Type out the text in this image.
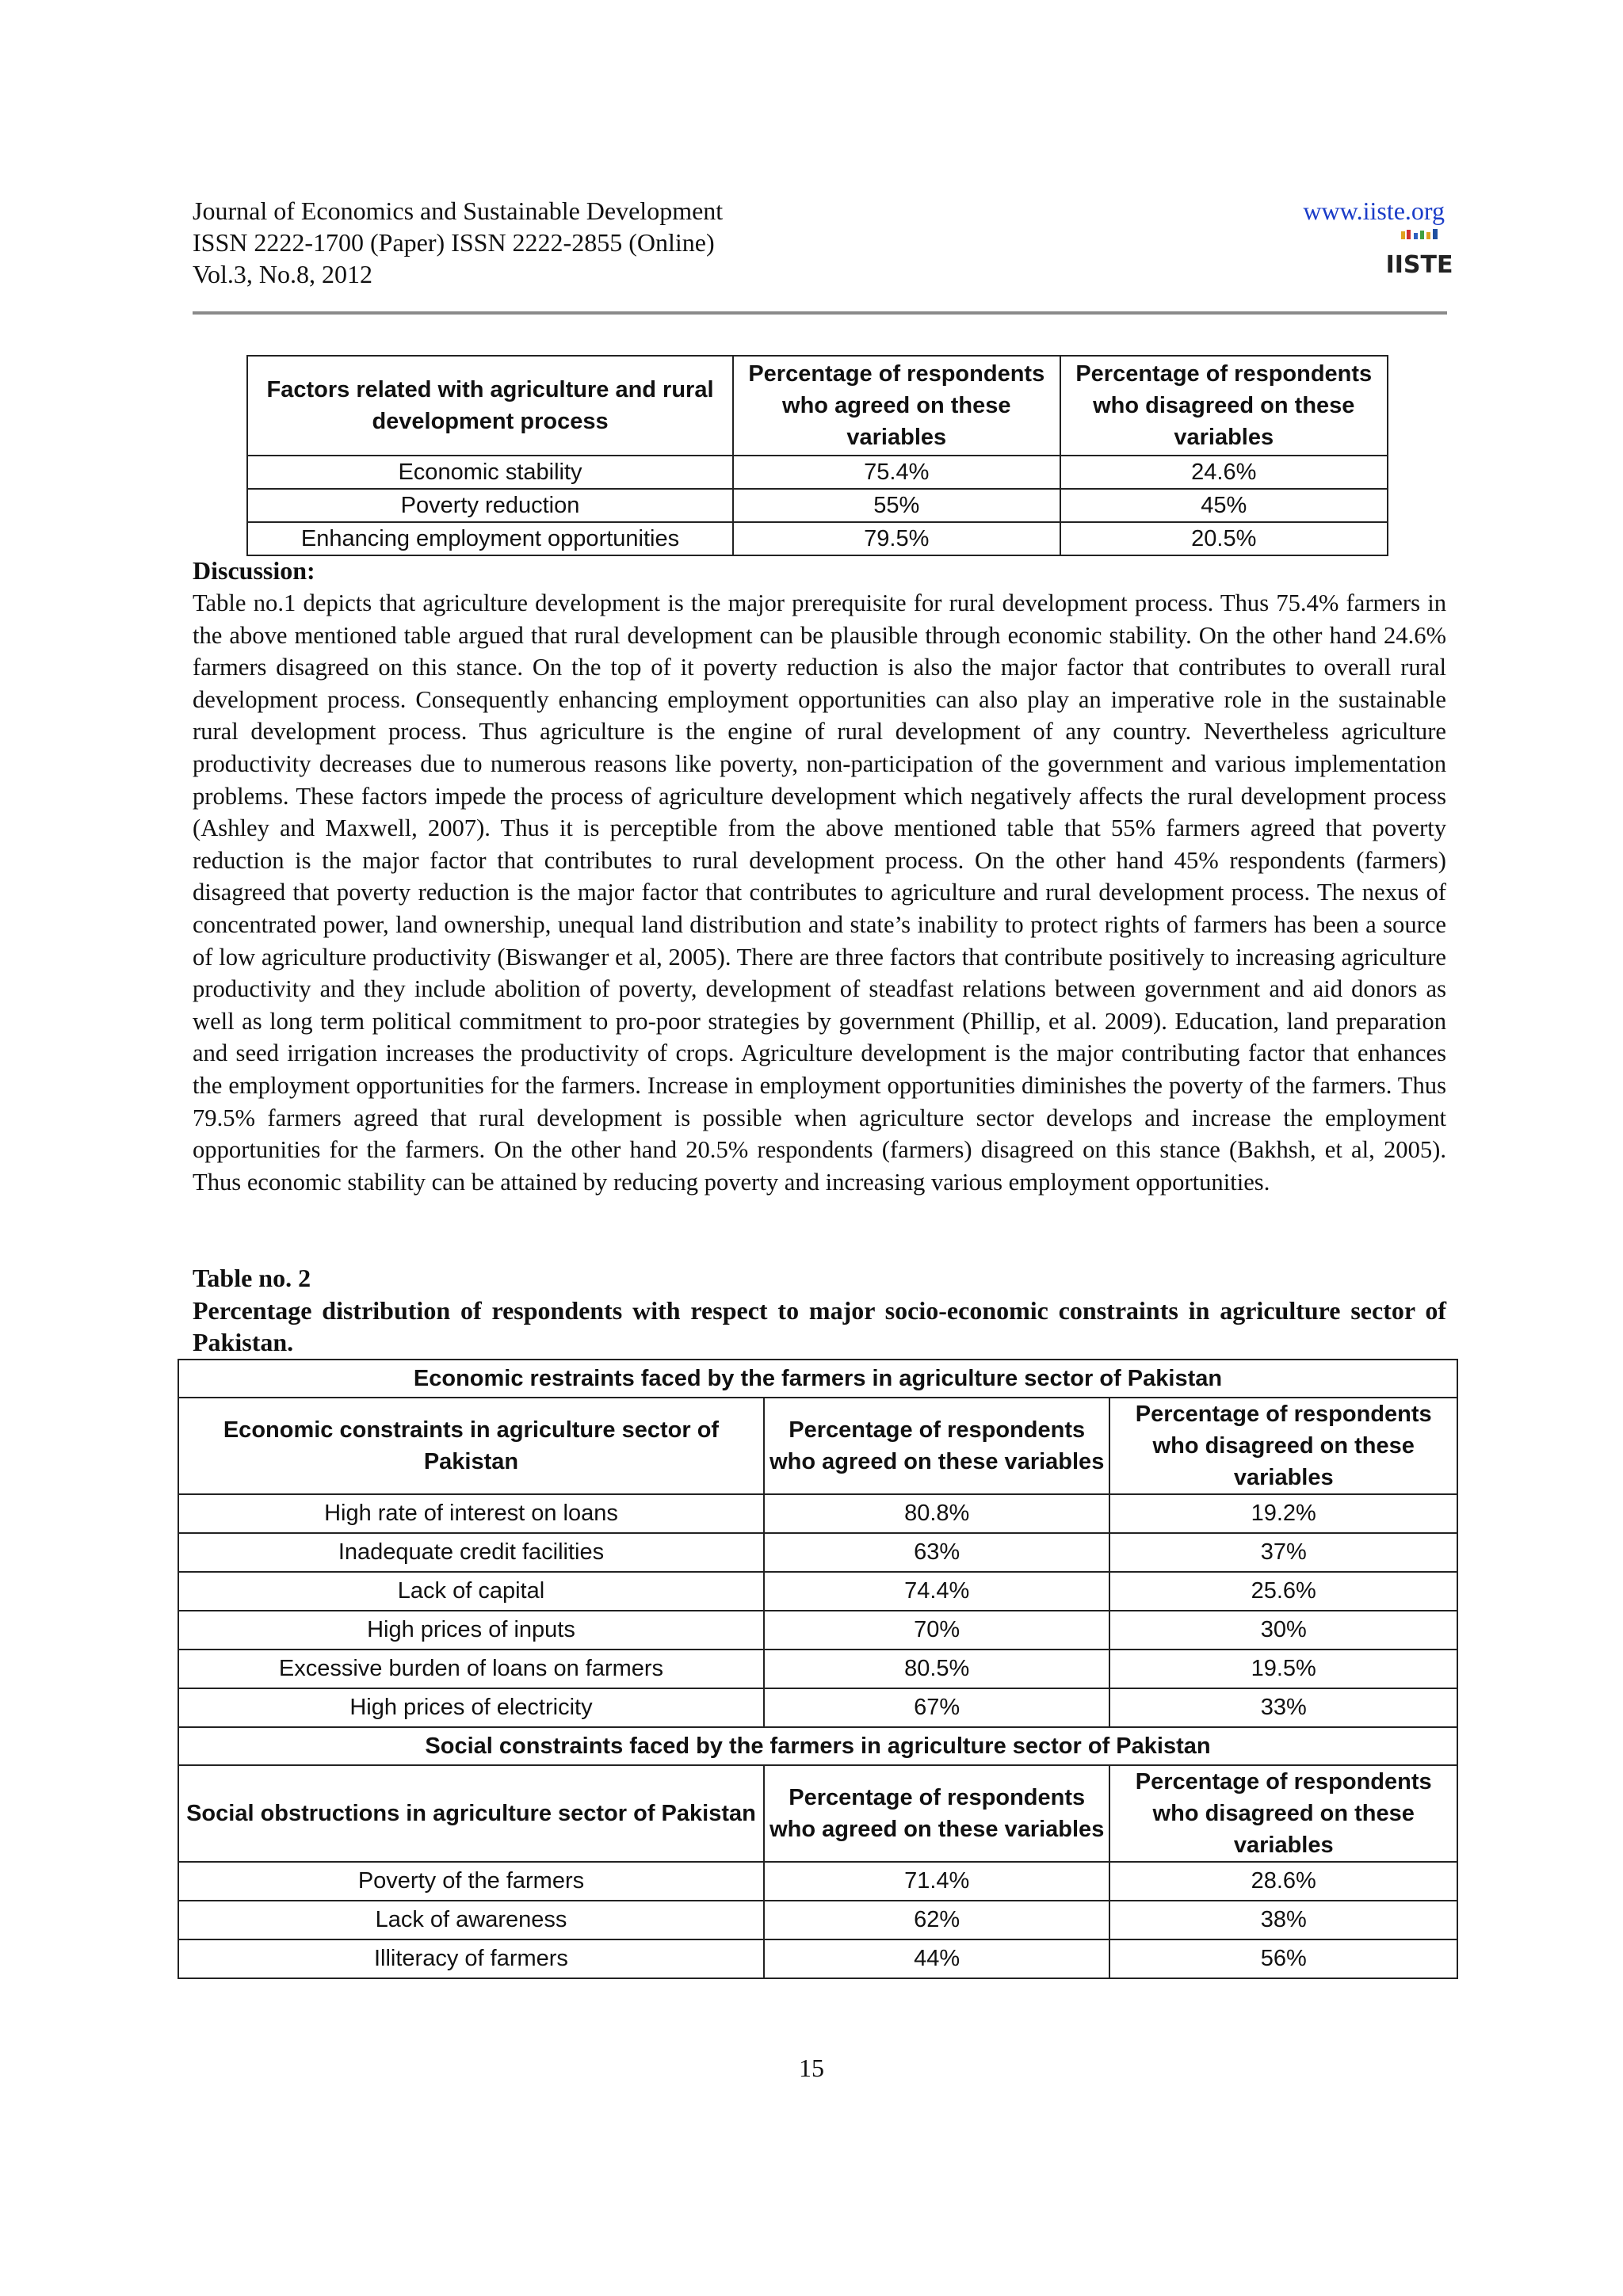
Journal of Economics and Sustainable Development
ISSN 2222-1700 (Paper) ISSN 2222-2855 (Online)
Vol.3, No.8, 2012
www.iiste.org
IISTE
Factors related with agriculture and rural development process	Percentage of respondents who agreed on these variables	Percentage of respondents who disagreed on these variables
Economic stability	75.4%	24.6%
Poverty reduction	55%	45%
Enhancing employment opportunities	79.5%	20.5%
Discussion:
Table no.1 depicts that agriculture development is the major prerequisite for rural development process. Thus 75.4% farmers in the above mentioned table argued that rural development can be plausible through economic stability. On the other hand 24.6% farmers disagreed on this stance. On the top of it poverty reduction is also the major factor that contributes to overall rural development process. Consequently enhancing employment opportunities can also play an imperative role in the sustainable rural development process. Thus agriculture is the engine of rural development of any country. Nevertheless agriculture productivity decreases due to numerous reasons like poverty, non-participation of the government and various implementation problems. These factors impede the process of agriculture development which negatively affects the rural development process (Ashley and Maxwell, 2007). Thus it is perceptible from the above mentioned table that 55% farmers agreed that poverty reduction is the major factor that contributes to rural development process. On the other hand 45% respondents (farmers) disagreed that poverty reduction is the major factor that contributes to agriculture and rural development process. The nexus of concentrated power, land ownership, unequal land distribution and state’s inability to protect rights of farmers has been a source of low agriculture productivity (Biswanger et al, 2005). There are three factors that contribute positively to increasing agriculture productivity and they include abolition of poverty, development of steadfast relations between government and aid donors as well as long term political commitment to pro-poor strategies by government (Phillip, et al. 2009). Education, land preparation and seed irrigation increases the productivity of crops. Agriculture development is the major contributing factor that enhances the employment opportunities for the farmers. Increase in employment opportunities diminishes the poverty of the farmers. Thus 79.5% farmers agreed that rural development is possible when agriculture sector develops and increase the employment opportunities for the farmers. On the other hand 20.5% respondents (farmers) disagreed on this stance (Bakhsh, et al, 2005). Thus economic stability can be attained by reducing poverty and increasing various employment opportunities.
Table no. 2
Percentage distribution of respondents with respect to major socio-economic constraints in agriculture sector of Pakistan.
Economic restraints faced by the farmers in agriculture sector of Pakistan		
Economic constraints in agriculture sector of Pakistan	Percentage of respondents who agreed on these variables	Percentage of respondents who disagreed on these variables
High rate of interest on loans	80.8%	19.2%
Inadequate credit facilities	63%	37%
Lack of capital	74.4%	25.6%
High prices of inputs	70%	30%
Excessive burden of loans on farmers	80.5%	19.5%
High prices of electricity	67%	33%
Social constraints faced by the farmers in agriculture sector of Pakistan		
Social obstructions in agriculture sector of Pakistan	Percentage of respondents who agreed on these variables	Percentage of respondents who disagreed on these variables
Poverty of the farmers	71.4%	28.6%
Lack of awareness	62%	38%
Illiteracy of farmers	44%	56%
15
